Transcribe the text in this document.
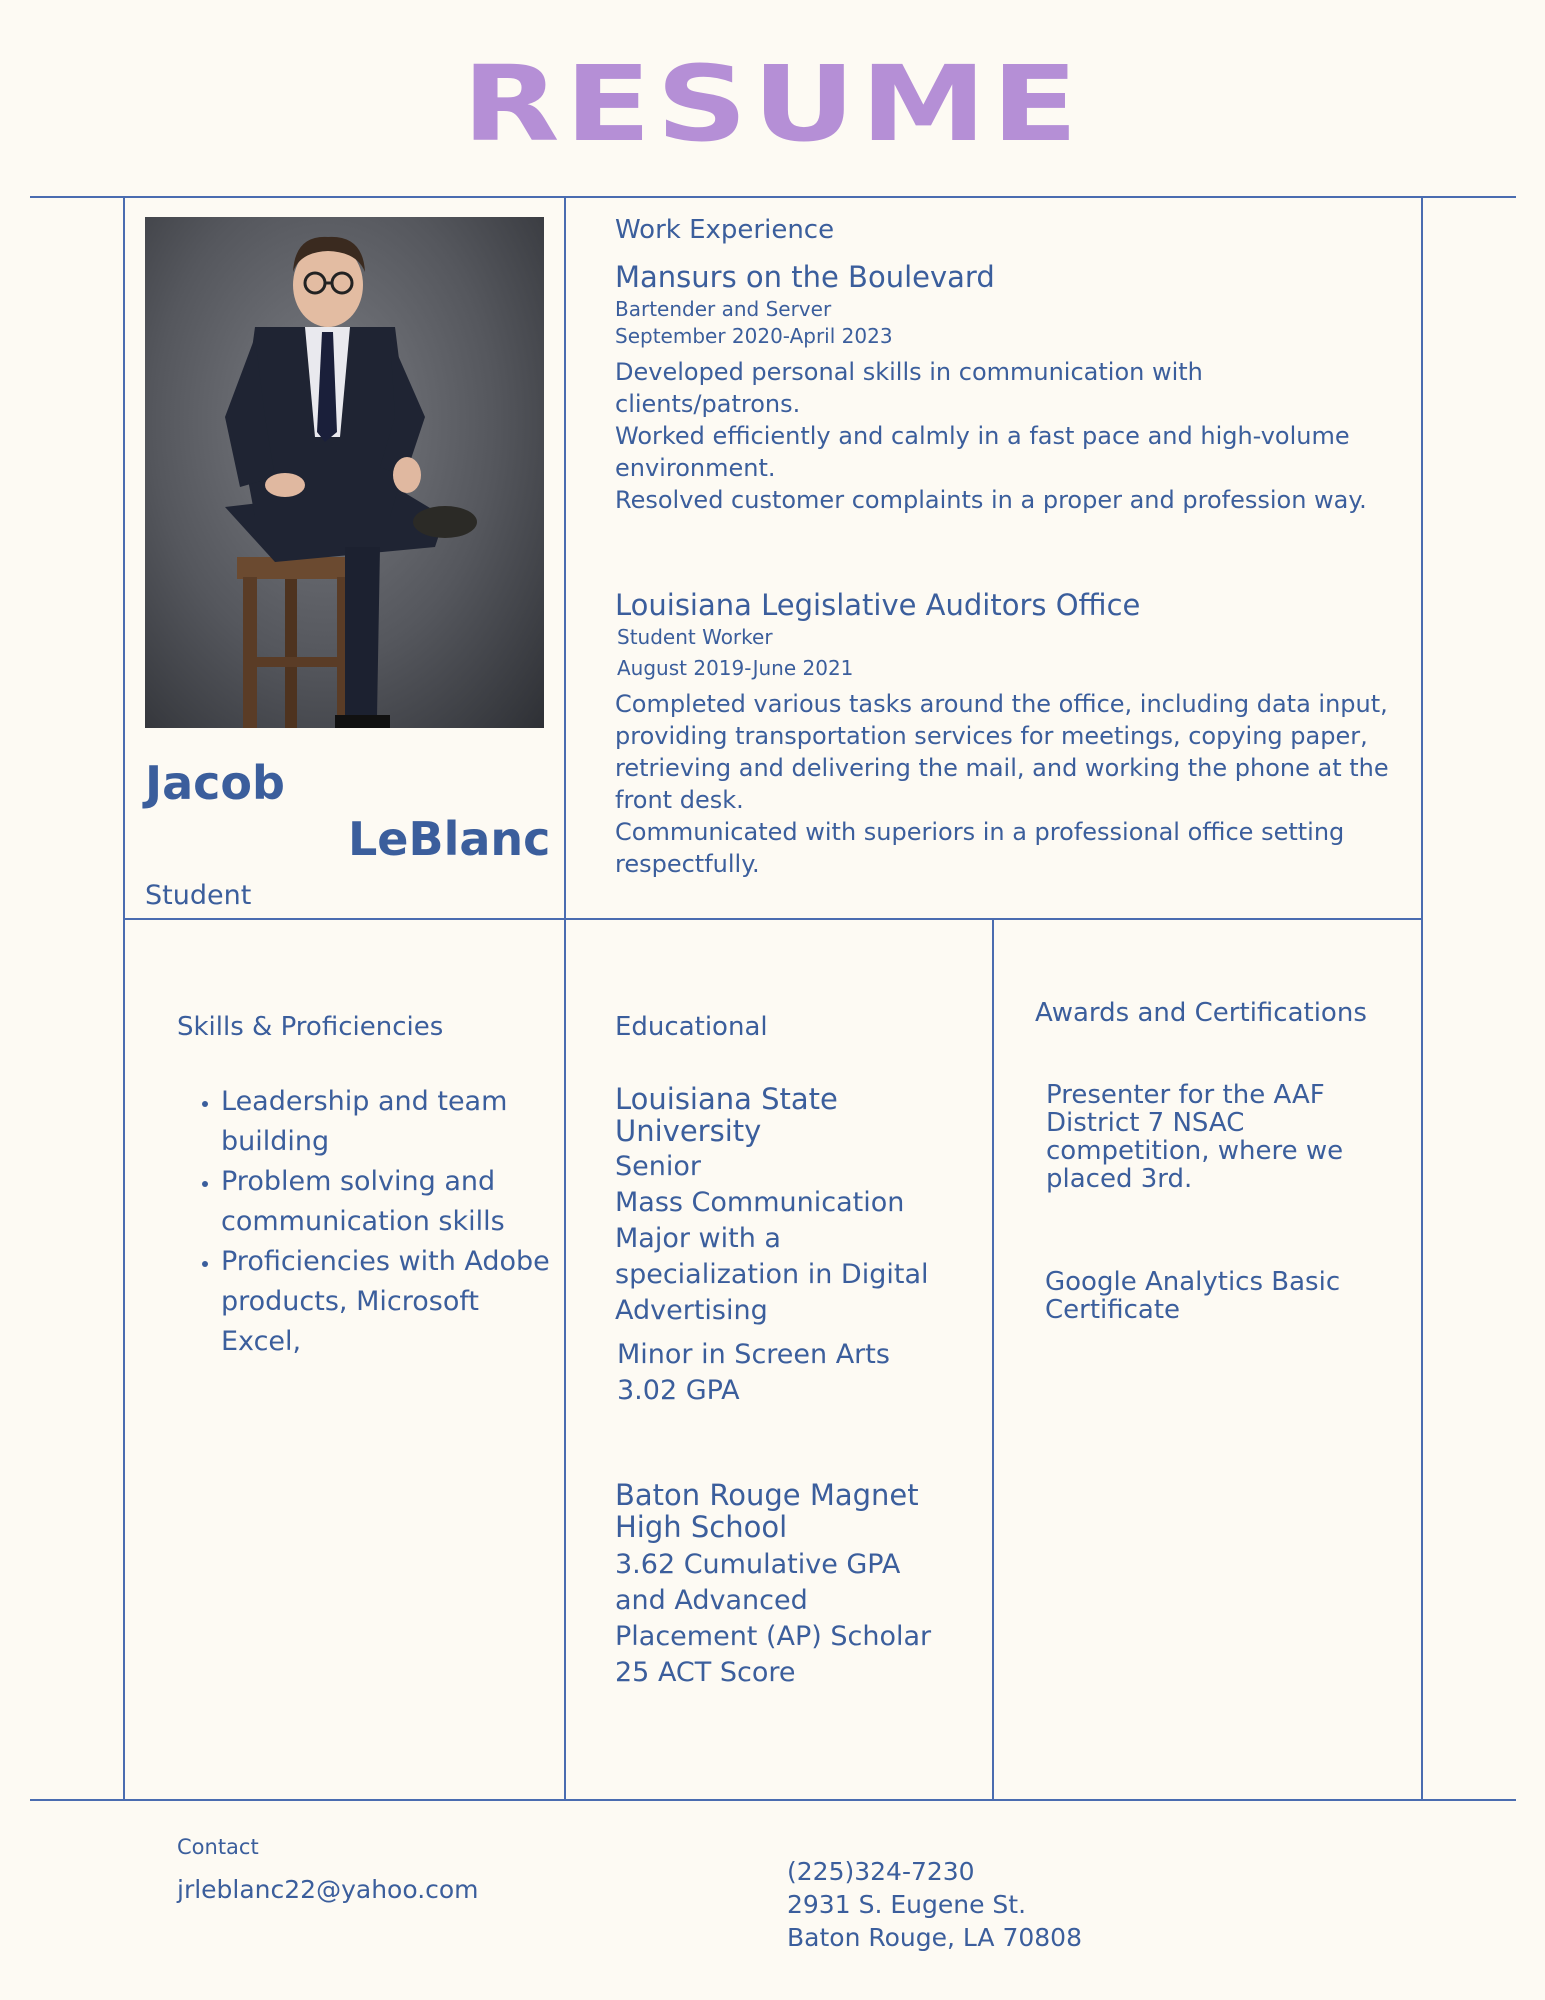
RESUME
Jacob
LeBlanc
Student
Work Experience
Mansurs on the Boulevard
Bartender and Server
September 2020-April 2023

Developed personal skills in communication with clients/patrons.

Worked efficiently and calmly in a fast pace and high-volume environment.

Resolved customer complaints in a proper and profession way.

Louisiana Legislative Auditors Office
Student Worker
August 2019-June 2021

Completed various tasks around the office, including data input, providing transportation services for meetings, copying paper, retrieving and delivering the mail, and working the phone at the front desk.

Communicated with superiors in a professional office setting respectfully.

Skills & Proficiencies
• Leadership and team building
• Problem solving and communication skills
• Proficiencies with Adobe products, Microsoft Excel,
Educational
Louisiana State University
Senior
Mass Communication
Major with a
specialization in Digital
Advertising
Minor in Screen Arts
3.02 GPA
Baton Rouge Magnet High School
3.62 Cumulative GPA
and Advanced
Placement (AP) Scholar
25 ACT Score
Awards and Certifications
Presenter for the AAF District 7 NSAC competition, where we placed 3rd.
Google Analytics Basic Certificate
Contact
jrleblanc22@yahoo.com
(225)324-7230
2931 S. Eugene St.
Baton Rouge, LA 70808
